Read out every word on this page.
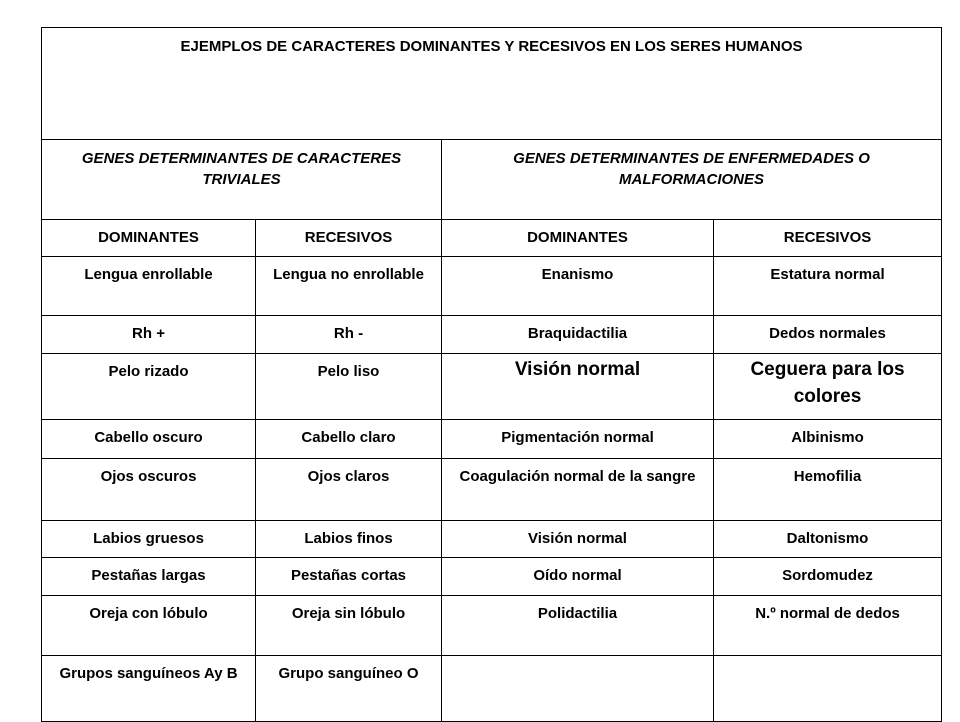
EJEMPLOS DE CARACTERES DOMINANTES Y RECESIVOS EN LOS SERES HUMANOS			
GENES DETERMINANTES DE CARACTERES TRIVIALES		GENES DETERMINANTES DE ENFERMEDADES O MALFORMACIONES	
DOMINANTES	RECESIVOS	DOMINANTES	RECESIVOS
Lengua enrollable	Lengua no enrollable	Enanismo	Estatura normal
Rh +	Rh -	Braquidactilia	Dedos normales
Pelo rizado	Pelo liso	Visión normal	Ceguera para los colores
Cabello oscuro	Cabello claro	Pigmentación normal	Albinismo
Ojos oscuros	Ojos claros	Coagulación normal de la sangre	Hemofilia
Labios gruesos	Labios finos	Visión normal	Daltonismo
Pestañas largas	Pestañas cortas	Oído normal	Sordomudez
Oreja con lóbulo	Oreja sin lóbulo	Polidactilia	N.º normal de dedos
Grupos sanguíneos Ay B	Grupo sanguíneo O		
